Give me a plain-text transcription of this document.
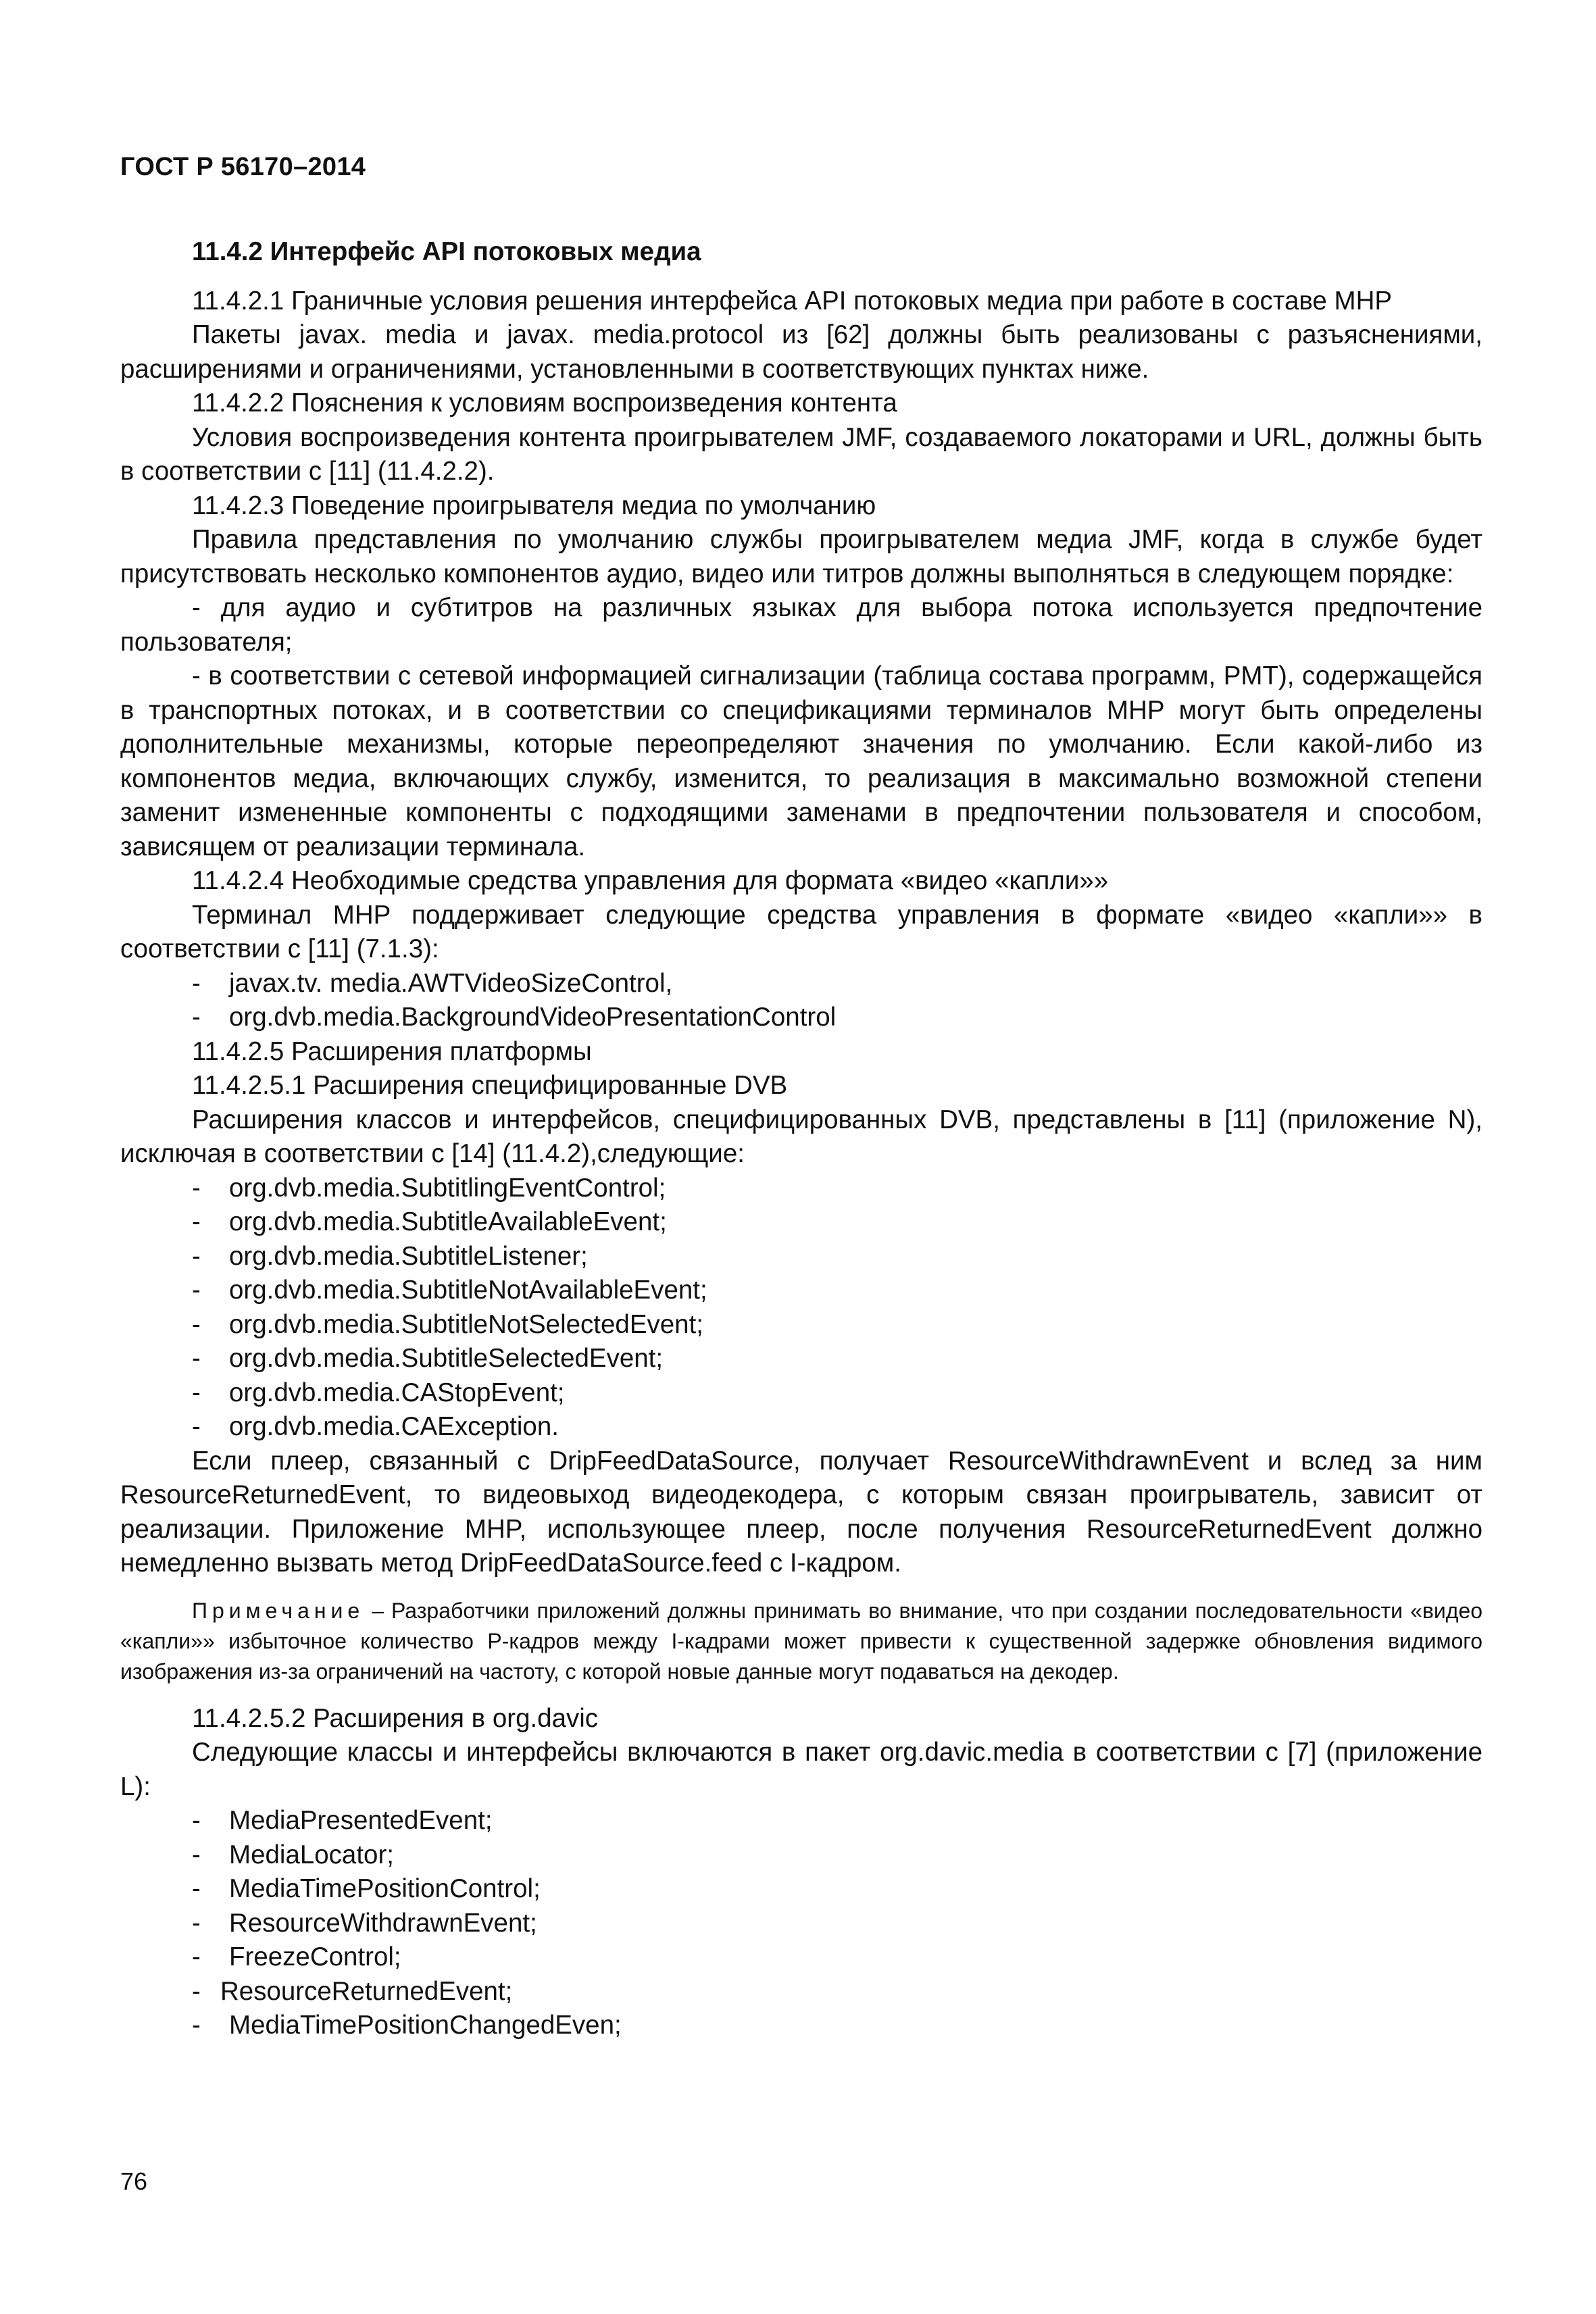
ГОСТ Р 56170–2014

11.4.2 Интерфейс API потоковых медиа

11.4.2.1 Граничные условия решения интерфейса API потоковых медиа при работе в составе MHP

Пакеты javax. media и javax. media.protocol из [62] должны быть реализованы с разъяснениями, расширениями и ограничениями, установленными в соответствующих пунктах ниже.

11.4.2.2 Пояснения к условиям воспроизведения контента

Условия воспроизведения контента проигрывателем JMF, создаваемого локаторами и URL, должны быть в соответствии с [11] (11.4.2.2).

11.4.2.3 Поведение проигрывателя медиа по умолчанию

Правила представления по умолчанию службы проигрывателем медиа JMF, когда в службе будет присутствовать несколько компонентов аудио, видео или титров должны выполняться в следующем порядке:

- для аудио и субтитров на различных языках для выбора потока используется предпочтение пользователя;

- в соответствии с сетевой информацией сигнализации (таблица состава программ, PMT), содержащейся в транспортных потоках, и в соответствии со спецификациями терминалов MHP могут быть определены дополнительные механизмы, которые переопределяют значения по умолчанию. Если какой-либо из компонентов медиа, включающих службу, изменится, то реализация в максимально возможной степени заменит измененные компоненты с подходящими заменами в предпочтении пользователя и способом, зависящем от реализации терминала.

11.4.2.4 Необходимые средства управления для формата «видео «капли»»

Терминал MHP поддерживает следующие средства управления в формате «видео «капли»» в соответствии с [11] (7.1.3):

- javax.tv. media.AWTVideoSizeControl,

- org.dvb.media.BackgroundVideoPresentationControl

11.4.2.5 Расширения платформы

11.4.2.5.1 Расширения специфицированные DVB

Расширения классов и интерфейсов, специфицированных DVB, представлены в [11] (приложение N), исключая в соответствии с [14] (11.4.2),следующие:

- org.dvb.media.SubtitlingEventControl;

- org.dvb.media.SubtitleAvailableEvent;

- org.dvb.media.SubtitleListener;

- org.dvb.media.SubtitleNotAvailableEvent;

- org.dvb.media.SubtitleNotSelectedEvent;

- org.dvb.media.SubtitleSelectedEvent;

- org.dvb.media.CAStopEvent;

- org.dvb.media.CAException.

Если плеер, связанный с DripFeedDataSource, получает ResourceWithdrawnEvent и вслед за ним ResourceReturnedEvent, то видеовыход видеодекодера, с которым связан проигрыватель, зависит от реализации. Приложение MHP, использующее плеер, после получения ResourceReturnedEvent должно немедленно вызвать метод DripFeedDataSource.feed с I-кадром.

Примечание – Разработчики приложений должны принимать во внимание, что при создании последовательности «видео «капли»» избыточное количество P-кадров между I-кадрами может привести к существенной задержке обновления видимого изображения из-за ограничений на частоту, с которой новые данные могут подаваться на декодер.

11.4.2.5.2 Расширения в org.davic

Следующие классы и интерфейсы включаются в пакет org.davic.media в соответствии с [7] (приложение L):

- MediaPresentedEvent;

- MediaLocator;

- MediaTimePositionControl;

- ResourceWithdrawnEvent;

- FreezeControl;

- ResourceReturnedEvent;

- MediaTimePositionChangedEven;

76
